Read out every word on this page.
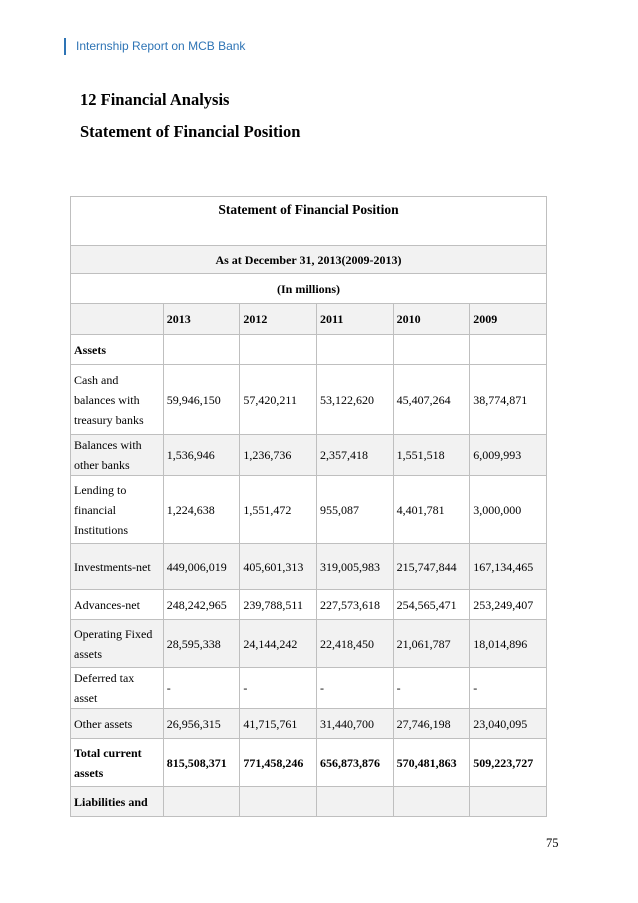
Internship Report on MCB Bank
12 Financial Analysis
Statement of Financial Position
Statement of Financial Position					
As at December 31, 2013(2009-2013)					
(In millions)					
	2013	2012	2011	2010	2009
Assets					
Cash and balances with treasury banks	59,946,150	57,420,211	53,122,620	45,407,264	38,774,871
Balances with other banks	1,536,946	1,236,736	2,357,418	1,551,518	6,009,993
Lending to financial Institutions	1,224,638	1,551,472	955,087	4,401,781	3,000,000
Investments-net	449,006,019	405,601,313	319,005,983	215,747,844	167,134,465
Advances-net	248,242,965	239,788,511	227,573,618	254,565,471	253,249,407
Operating Fixed assets	28,595,338	24,144,242	22,418,450	21,061,787	18,014,896
Deferred tax asset	-	-	-	-	-
Other assets	26,956,315	41,715,761	31,440,700	27,746,198	23,040,095
Total current assets	815,508,371	771,458,246	656,873,876	570,481,863	509,223,727
Liabilities and					
75
